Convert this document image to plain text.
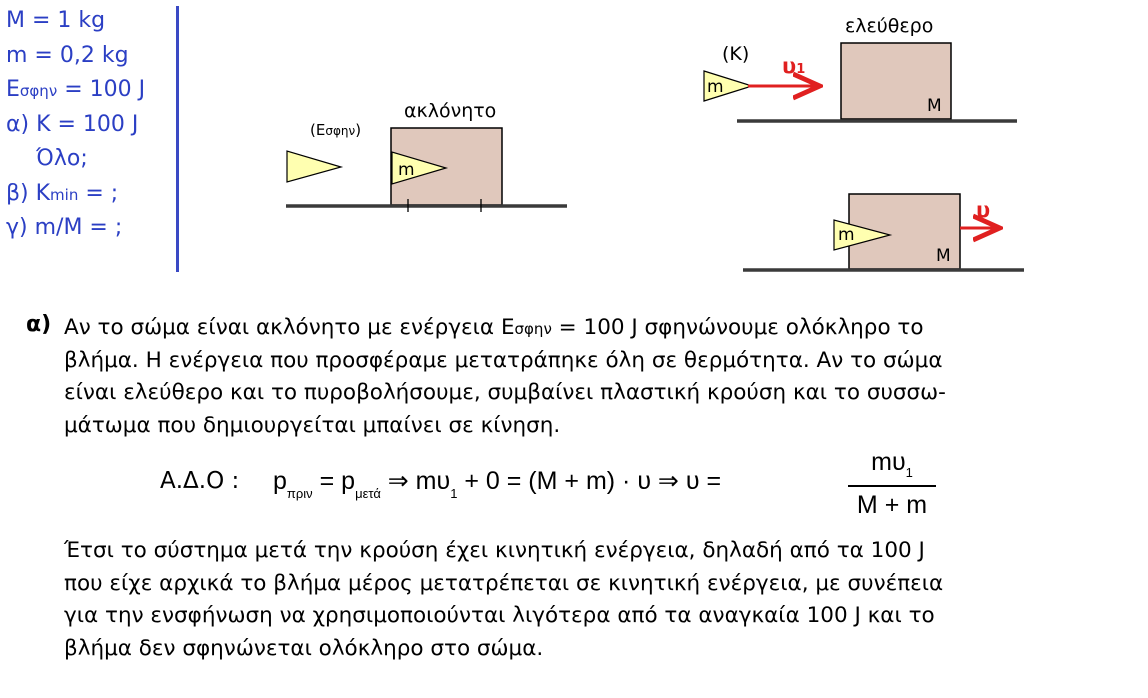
M = 1 kg
m = 0,2 kg
Eσφην = 100 J
α) K = 100 J
Όλο;
β) Kmin = ;
γ) m/M = ;
(Eσφην)
ακλόνητο
m
ελεύθερο
(K) υ1
m
M
υ
m
M
α) Αν το σώμα είναι ακλόνητο με ενέργεια Eσφην = 100 J σφηνώνουμε ολόκληρο το
βλήμα. Η ενέργεια που προσφέραμε μετατράπηκε όλη σε θερμότητα. Αν το σώμα
είναι ελεύθερο και το πυροβολήσουμε, συμβαίνει πλαστική κρούση και το συσσω-
μάτωμα που δημιουργείται μπαίνει σε κίνηση.
Α.Δ.Ο : $p_{\pi\rho\iota\nu} = p_{\mu\varepsilon\tau ά}$ ⇒ $m\upsilon_1 + 0 = (M + m) \cdot \upsilon$ ⇒ υ =
$m\upsilon_1$
M + m
Έτσι το σύστημα μετά την κρούση έχει κινητική ενέργεια, δηλαδή από τα 100 J
που είχε αρχικά το βλήμα μέρος μετατρέπεται σε κινητική ενέργεια, με συνέπεια
για την ενσφήνωση να χρησιμοποιούνται λιγότερα από τα αναγκαία 100 J και το
βλήμα δεν σφηνώνεται ολόκληρο στο σώμα.
